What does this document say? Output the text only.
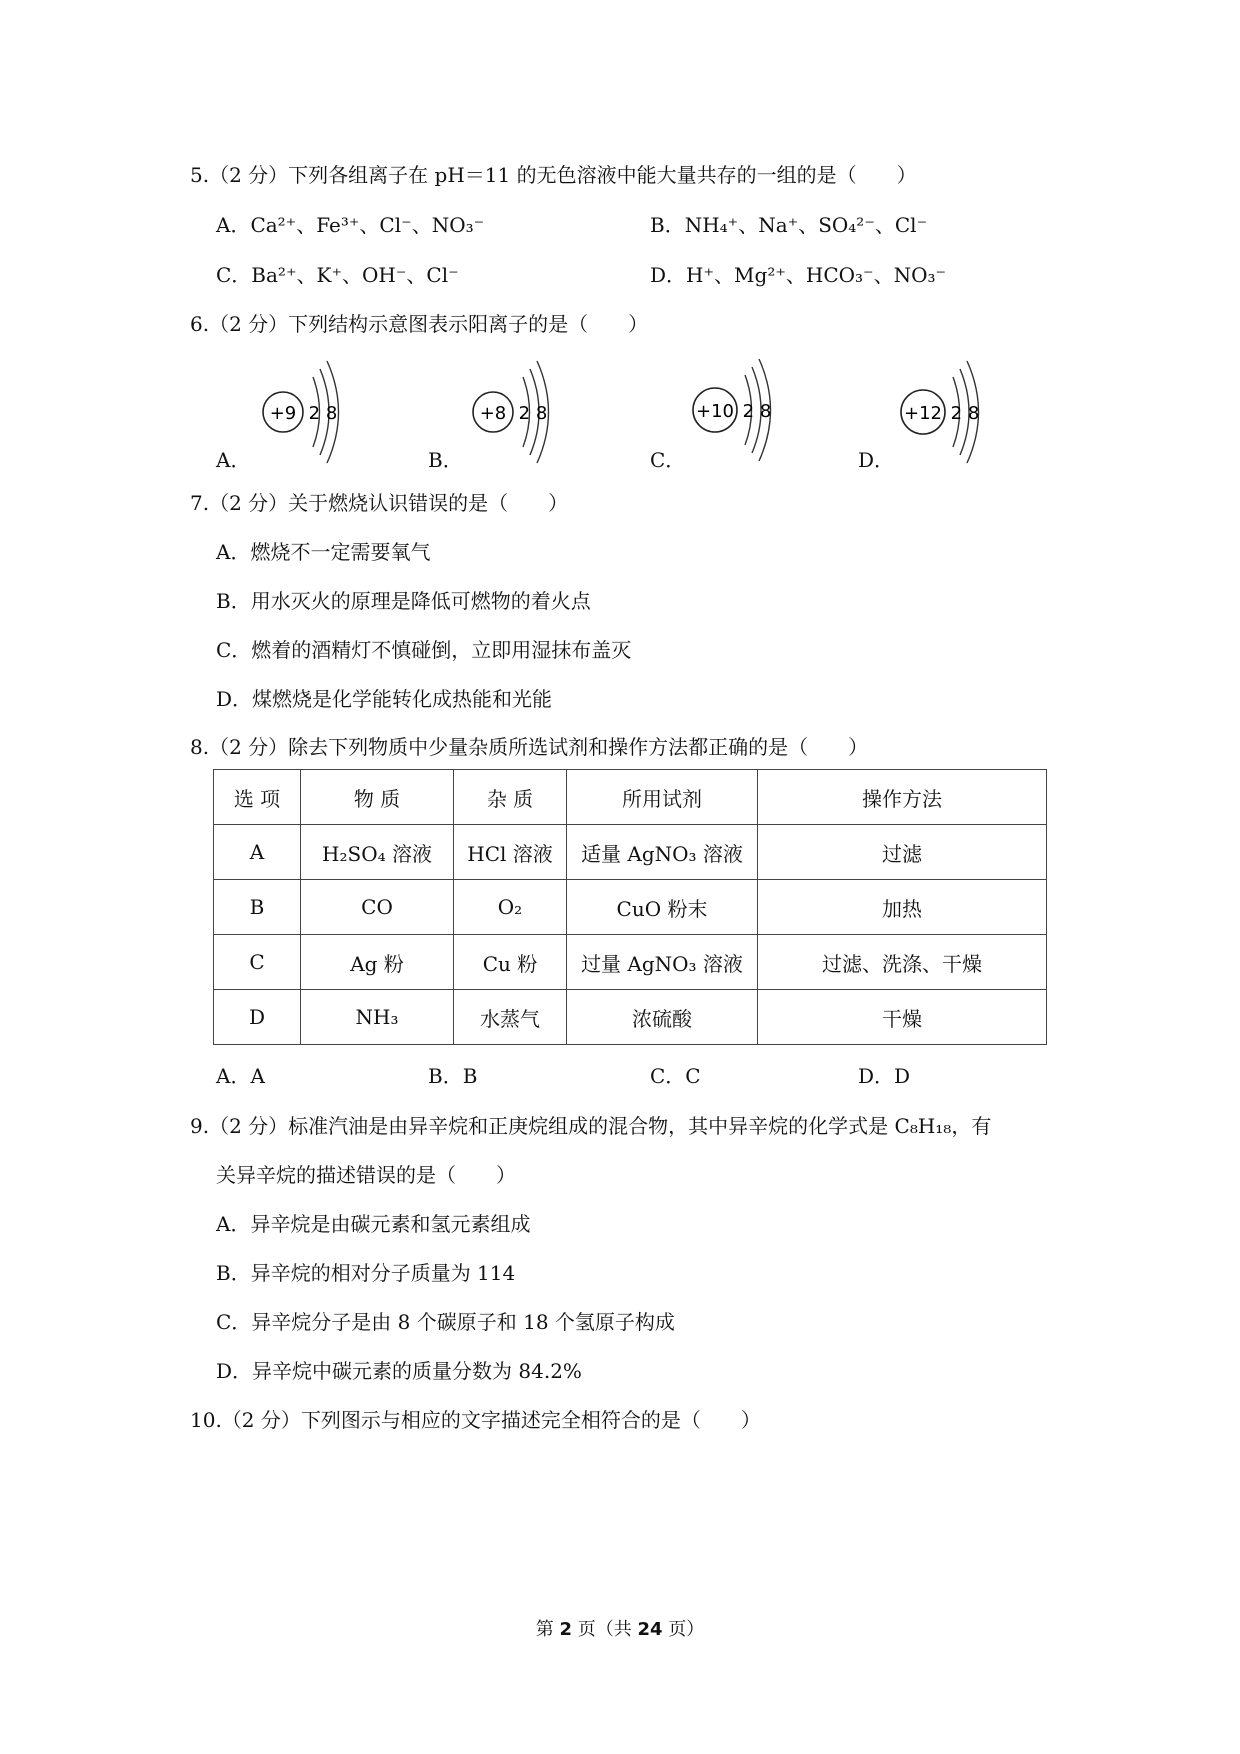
5.（2 分）下列各组离子在 pH＝11 的无色溶液中能大量共存的一组的是（　　）
A．Ca²⁺、Fe³⁺、Cl⁻、NO₃⁻	B．NH₄⁺、Na⁺、SO₄²⁻、Cl⁻
C．Ba²⁺、K⁺、OH⁻、Cl⁻	D．H⁺、Mg²⁺、HCO₃⁻、NO₃⁻
6.（2 分）下列结构示意图表示阳离子的是（　　）
A．
+9 2 8
B．
+8 2 8
C．
+10 2 8
D．
+12 2 8
7.（2 分）关于燃烧认识错误的是（　　）
A．燃烧不一定需要氧气
B．用水灭火的原理是降低可燃物的着火点
C．燃着的酒精灯不慎碰倒，立即用湿抹布盖灭
D．煤燃烧是化学能转化成热能和光能
8.（2 分）除去下列物质中少量杂质所选试剂和操作方法都正确的是（　　）
选 项	物 质	杂 质	所用试剂	操作方法
A	H₂SO₄ 溶液	HCl 溶液	适量 AgNO₃ 溶液	过滤
B	CO	O₂	CuO 粉末	加热
C	Ag 粉	Cu 粉	过量 AgNO₃ 溶液	过滤、洗涤、干燥
D	NH₃	水蒸气	浓硫酸	干燥
A．A	B．B	C．C	D．D
9.（2 分）标准汽油是由异辛烷和正庚烷组成的混合物，其中异辛烷的化学式是 C₈H₁₈，有
关异辛烷的描述错误的是（　　）
A．异辛烷是由碳元素和氢元素组成
B．异辛烷的相对分子质量为 114
C．异辛烷分子是由 8 个碳原子和 18 个氢原子构成
D．异辛烷中碳元素的质量分数为 84.2%
10.（2 分）下列图示与相应的文字描述完全相符合的是（　　）
第 2 页（共 24 页）
